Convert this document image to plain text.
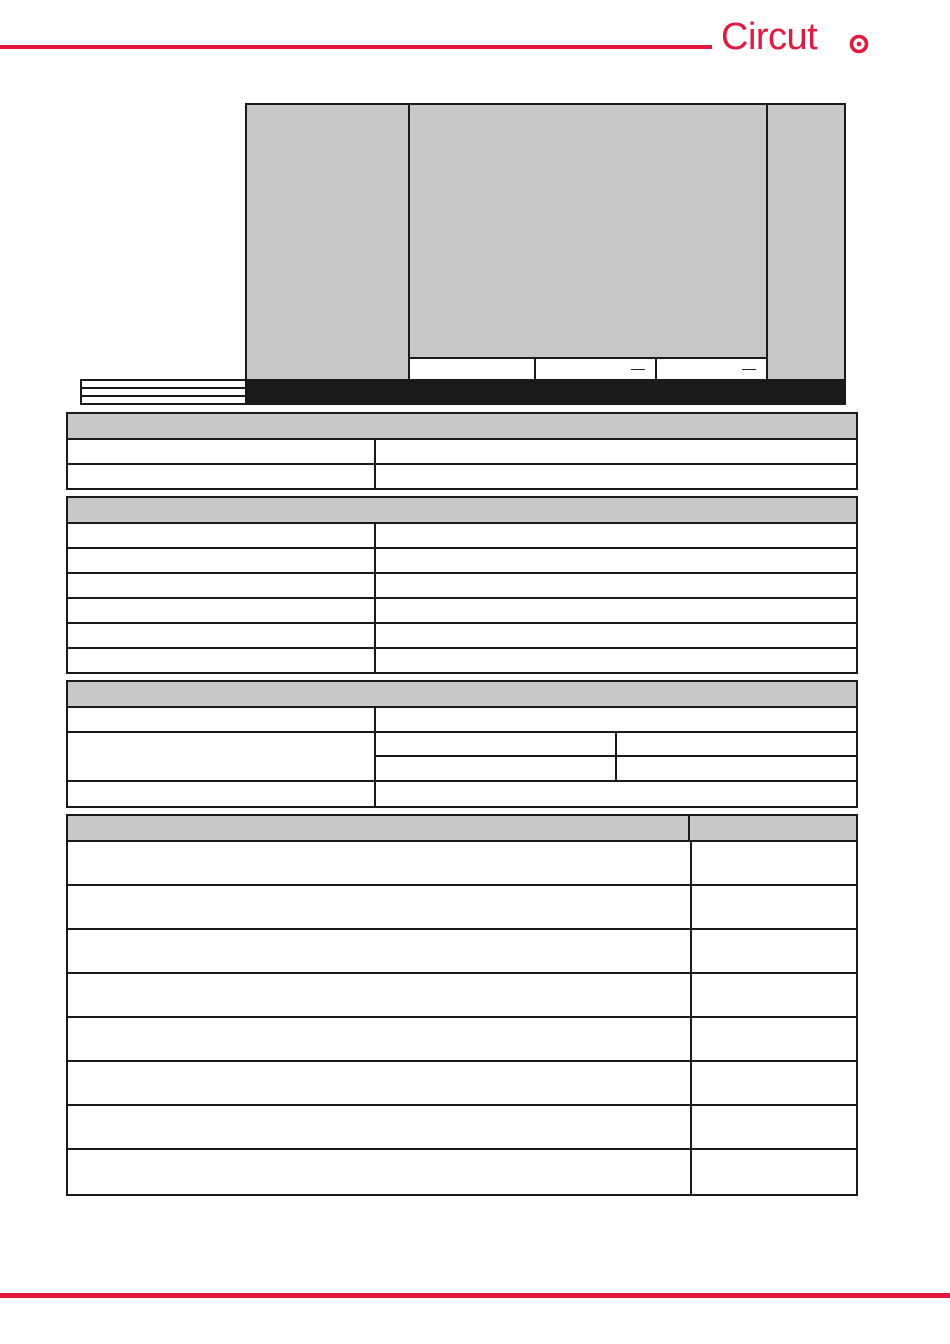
Circut
